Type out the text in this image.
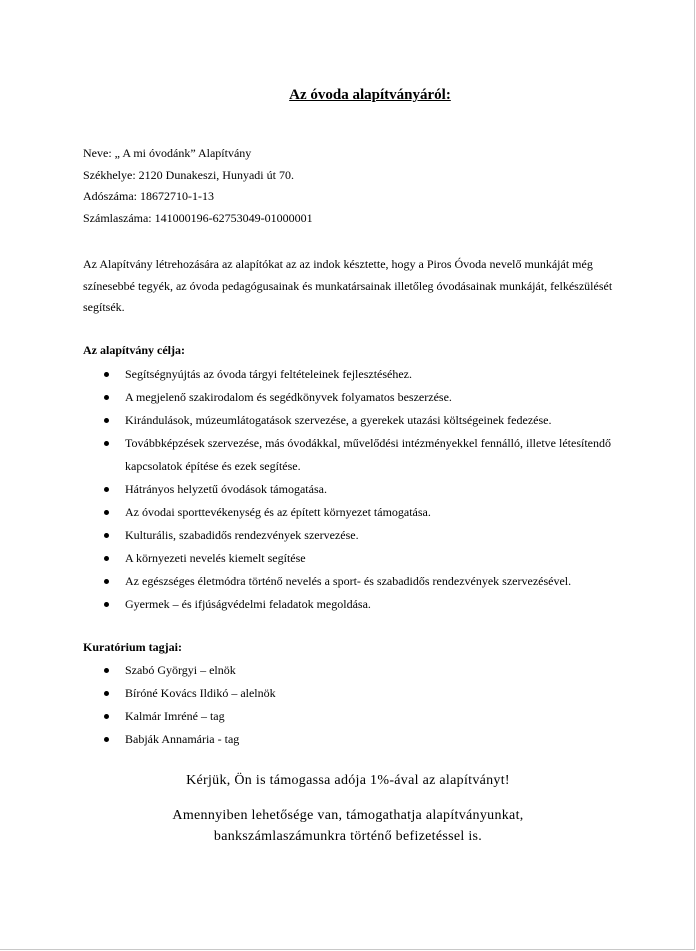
Az óvoda alapítványáról:
Neve: „ A mi óvodánk” Alapítvány
Székhelye: 2120 Dunakeszi, Hunyadi út 70.
Adószáma: 18672710-1-13
Számlaszáma: 141000196-62753049-01000001
Az Alapítvány létrehozására az alapítókat az az indok késztette, hogy a Piros Óvoda nevelő munkáját még színesebbé tegyék, az óvoda pedagógusainak és munkatársainak illetőleg óvodásainak munkáját, felkészülését segítsék.
Az alapítvány célja:
Segítségnyújtás az óvoda tárgyi feltételeinek fejlesztéséhez.
A megjelenő szakirodalom és segédkönyvek folyamatos beszerzése.
Kirándulások, múzeumlátogatások szervezése, a gyerekek utazási költségeinek fedezése.
Továbbképzések szervezése, más óvodákkal, művelődési intézményekkel fennálló, illetve létesítendő kapcsolatok építése és ezek segítése.
Hátrányos helyzetű óvodások támogatása.
Az óvodai sporttevékenység és az épített környezet támogatása.
Kulturális, szabadidős rendezvények szervezése.
A környezeti nevelés kiemelt segítése
Az egészséges életmódra történő nevelés a sport- és szabadidős rendezvények szervezésével.
Gyermek – és ifjúságvédelmi feladatok megoldása.
Kuratórium tagjai:
Szabó Györgyi – elnök
Bíróné Kovács Ildikó – alelnök
Kalmár Imréné – tag
Babják Annamária - tag
Kérjük, Ön is támogassa adója 1%-ával az alapítványt!
Amennyiben lehetősége van, támogathatja alapítványunkat,
bankszámlaszámunkra történő befizetéssel is.
